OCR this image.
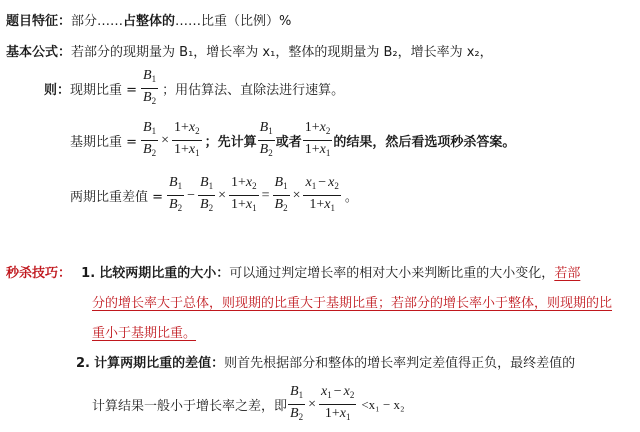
题目特征：部分……占整体的……比重（比例）%
基本公式：若部分的现期量为 B₁，增长率为 x₁，整体的现期量为 B₂，增长率为 x₂，
则： 现期比重 = $\frac{B_1}{B_2}$ ；用估算法、直除法进行速算。
基期比重 = $\frac{B_1}{B_2} \times \frac{1+x_2}{1+x_1}$ ；先计算 $\frac{B_1}{B_2}$ 或者 $\frac{1+x_2}{1+x_1}$ 的结果，然后看选项秒杀答案。
两期比重差值 = $\frac{B_1}{B_2} - \frac{B_1}{B_2} \times \frac{1+x_2}{1+x_1} = \frac{B_1}{B_2} \times \frac{x_1 - x_2}{1+x_1}$ 。
秒杀技巧： 1. 比较两期比重的大小：可以通过判定增长率的相对大小来判断比重的大小变化，若部
分的增长率大于总体，则现期的比重大于基期比重；若部分的增长率小于整体，则现期的比
重小于基期比重。
2. 计算两期比重的差值：则首先根据部分和整体的增长率判定差值得正负，最终差值的
计算结果一般小于增长率之差，即 $\frac{B_1}{B_2} \times \frac{x_1 - x_2}{1+x_1} <x_1 - x_2$
